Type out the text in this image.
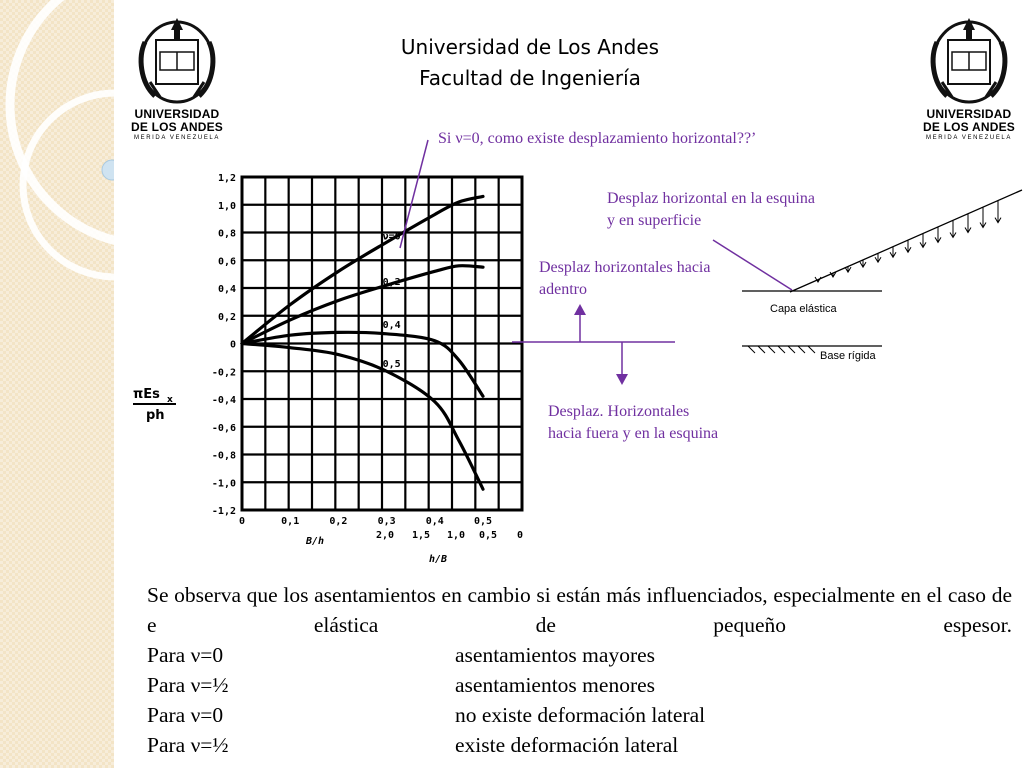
UNIVERSIDAD
DE LOS ANDES
MERIDA VENEZUELA
UNIVERSIDAD
DE LOS ANDES
MERIDA VENEZUELA
Universidad de Los Andes
Facultad de Ingeniería
1,2
1,0
0,8
0,6
0,4
0,2
0
-0,2
-0,4
-0,6
-0,8
-1,0
-1,2
0	0,1	0,2	0,3	0,4	0,5
2,0 1,5 1,0 0,5 0
B/h
h/B
πEs x
ph
ν=0
0,2
0,4
0,5
Capa elástica
Base rígida
Si ν=0, como existe desplazamiento horizontal??’
Desplaz horizontal en la esquina y en superficie
Desplaz horizontales hacia adentro
Desplaz. Horizontales hacia fuera y en la esquina
Se observa que los asentamientos en cambio si están más influenciados, especialmente en el caso de e elástica de pequeño espesor.
Para ν=0	asentamientos mayores
Para ν=½	asentamientos menores
Para ν=0	no existe deformación lateral
Para ν=½	existe deformación lateral
